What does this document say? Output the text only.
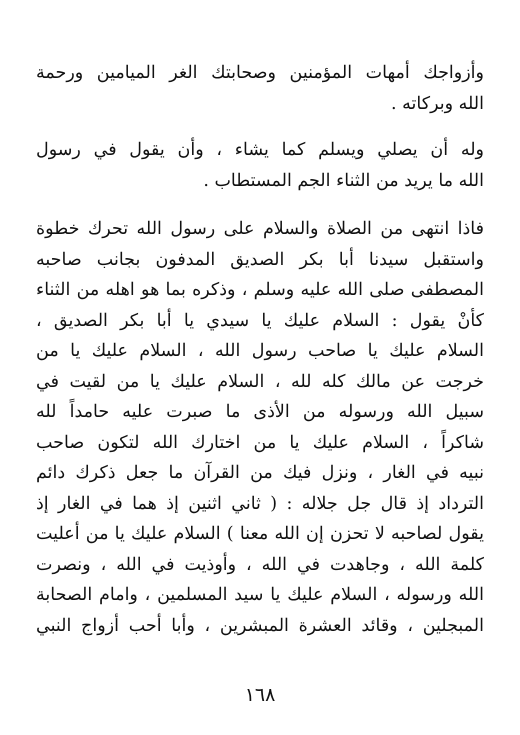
وأزواجك أمهات المؤمنين وصحابتك الغر الميامين ورحمة
الله وبركاته .

وله أن يصلي ويسلم كما يشاء ، وأن يقول في رسول
الله ما يريد من الثناء الجم المستطاب .

فاذا انتهى من الصلاة والسلام على رسول الله تحرك خطوة
واستقبل سيدنا أبا بكر الصديق المدفون بجانب صاحبه
المصطفى صلى الله عليه وسلم ، وذكره بما هو اهله من الثناء
كأنْ يقول : السلام عليك يا سيدي يا أبا بكر الصديق ،
السلام عليك يا صاحب رسول الله ، السلام عليك يا من
خرجت عن مالك كله لله ، السلام عليك يا من لقيت في
سبيل الله ورسوله من الأذى ما صبرت عليه حامداً لله
شاكراً ، السلام عليك يا من اختارك الله لتكون صاحب
نبيه في الغار ، ونزل فيك من القرآن ما جعل ذكرك دائم
الترداد إذ قال جل جلاله : ( ثاني اثنين إذ هما في الغار إذ
يقول لصاحبه لا تحزن إن الله معنا ) السلام عليك يا من أعليت
كلمة الله ، وجاهدت في الله ، وأوذيت في الله ، ونصرت
الله ورسوله ، السلام عليك يا سيد المسلمين ، وامام الصحابة
المبجلين ، وقائد العشرة المبشرين ، وأبا أحب أزواج النبي

١٦٨
